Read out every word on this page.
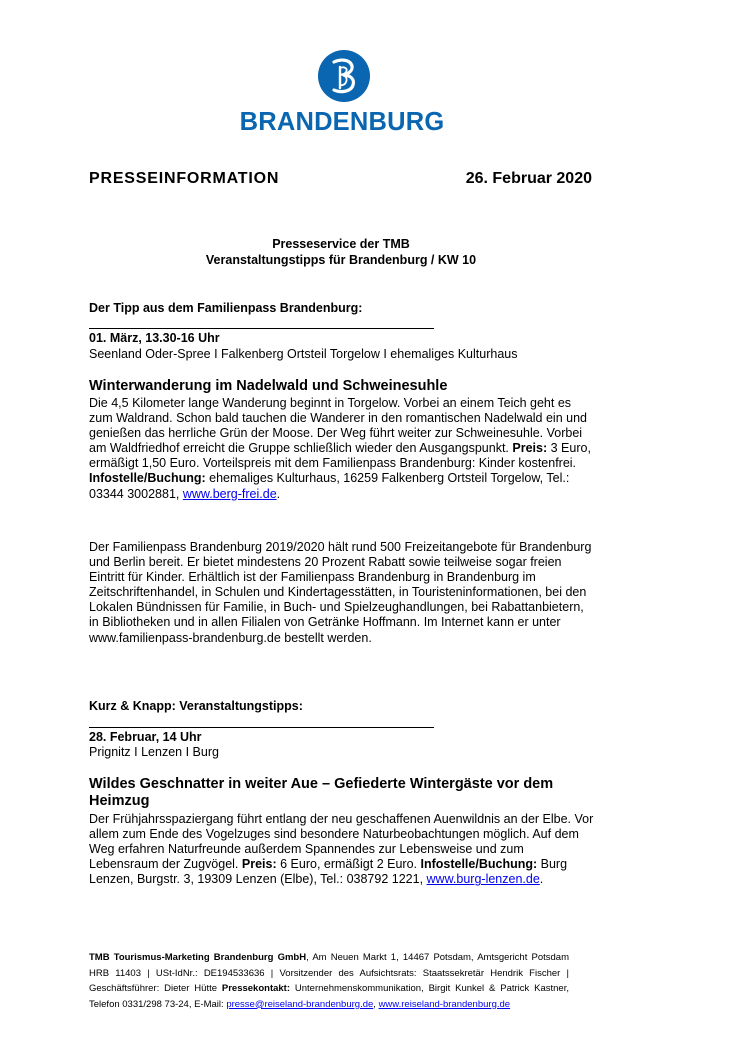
BRANDENBURG
PRESSEINFORMATION	26. Februar 2020
Presseservice der TMB
Veranstaltungstipps für Brandenburg / KW 10
Der Tipp aus dem Familienpass Brandenburg:
01. März, 13.30-16 Uhr
Seenland Oder-Spree I Falkenberg Ortsteil Torgelow I ehemaliges Kulturhaus
Winterwanderung im Nadelwald und Schweinesuhle
Die 4,5 Kilometer lange Wanderung beginnt in Torgelow. Vorbei an einem Teich geht es zum Waldrand. Schon bald tauchen die Wanderer in den romantischen Nadelwald ein und genießen das herrliche Grün der Moose. Der Weg führt weiter zur Schweinesuhle. Vorbei am Waldfriedhof erreicht die Gruppe schließlich wieder den Ausgangspunkt. Preis: 3 Euro, ermäßigt 1,50 Euro. Vorteilspreis mit dem Familienpass Brandenburg: Kinder kostenfrei. Infostelle/Buchung: ehemaliges Kulturhaus, 16259 Falkenberg Ortsteil Torgelow, Tel.: 03344 3002881, www.berg-frei.de.
Der Familienpass Brandenburg 2019/2020 hält rund 500 Freizeitangebote für Brandenburg und Berlin bereit. Er bietet mindestens 20 Prozent Rabatt sowie teilweise sogar freien Eintritt für Kinder. Erhältlich ist der Familienpass Brandenburg in Brandenburg im Zeitschriftenhandel, in Schulen und Kindertagesstätten, in Touristeninformationen, bei den Lokalen Bündnissen für Familie, in Buch- und Spielzeughandlungen, bei Rabattanbietern, in Bibliotheken und in allen Filialen von Getränke Hoffmann. Im Internet kann er unter www.familienpass-brandenburg.de bestellt werden.
Kurz & Knapp: Veranstaltungstipps:
28. Februar, 14 Uhr
Prignitz I Lenzen I Burg
Wildes Geschnatter in weiter Aue – Gefiederte Wintergäste vor dem Heimzug
Der Frühjahrsspaziergang führt entlang der neu geschaffenen Auenwildnis an der Elbe. Vor allem zum Ende des Vogelzuges sind besondere Naturbeobachtungen möglich. Auf dem Weg erfahren Naturfreunde außerdem Spannendes zur Lebensweise und zum Lebensraum der Zugvögel. Preis: 6 Euro, ermäßigt 2 Euro. Infostelle/Buchung: Burg Lenzen, Burgstr. 3, 19309 Lenzen (Elbe), Tel.: 038792 1221, www.burg-lenzen.de.
TMB Tourismus-Marketing Brandenburg GmbH, Am Neuen Markt 1, 14467 Potsdam, Amtsgericht Potsdam HRB 11403 | USt-IdNr.: DE194533636 | Vorsitzender des Aufsichtsrats: Staatssekretär Hendrik Fischer | Geschäftsführer: Dieter Hütte Pressekontakt: Unternehmenskommunikation, Birgit Kunkel & Patrick Kastner, Telefon 0331/298 73-24, E-Mail: presse@reiseland-brandenburg.de, www.reiseland-brandenburg.de
